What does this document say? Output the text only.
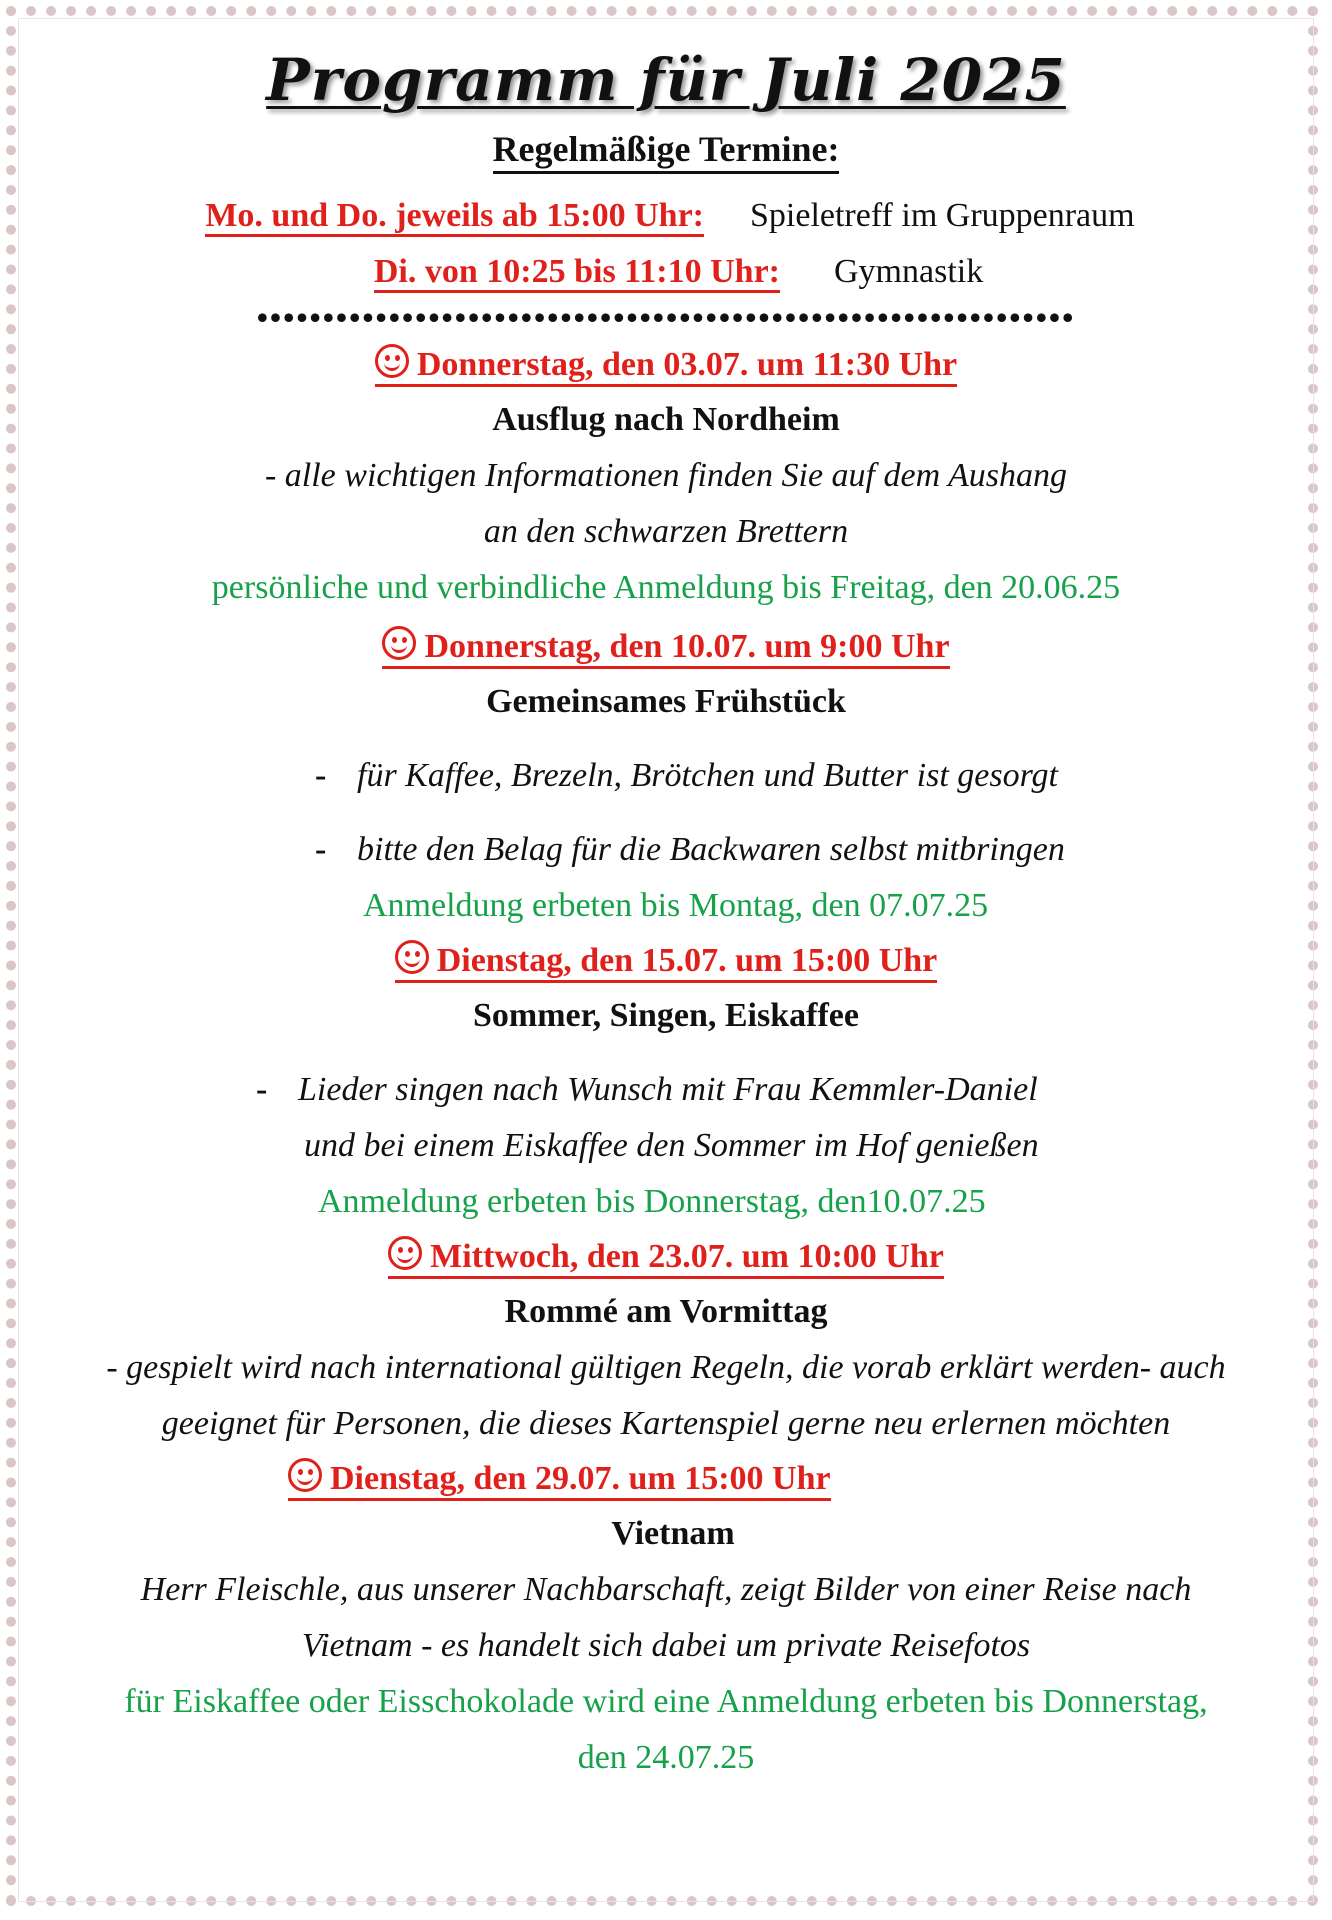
Programm für Juli 2025
Regelmäßige Termine:
Mo. und Do. jeweils ab 15:00 Uhr:	Spieletreff im Gruppenraum
Di. von 10:25 bis 11:10 Uhr:	Gymnastik
••••••••••••••••••••••••••••••••••••••••••••••••••••••••••••••
Donnerstag, den 03.07. um 11:30 Uhr
Ausflug nach Nordheim
- alle wichtigen Informationen finden Sie auf dem Aushang
an den schwarzen Brettern
persönliche und verbindliche Anmeldung bis Freitag, den 20.06.25
Donnerstag, den 10.07. um 9:00 Uhr
Gemeinsames Frühstück
- für Kaffee, Brezeln, Brötchen und Butter ist gesorgt
- bitte den Belag für die Backwaren selbst mitbringen
Anmeldung erbeten bis Montag, den 07.07.25
Dienstag, den 15.07. um 15:00 Uhr
Sommer, Singen, Eiskaffee
- Lieder singen nach Wunsch mit Frau Kemmler-Daniel
und bei einem Eiskaffee den Sommer im Hof genießen
Anmeldung erbeten bis Donnerstag, den10.07.25
Mittwoch, den 23.07. um 10:00 Uhr
Rommé am Vormittag
- gespielt wird nach international gültigen Regeln, die vorab erklärt werden- auch
geeignet für Personen, die dieses Kartenspiel gerne neu erlernen möchten
Dienstag, den 29.07. um 15:00 Uhr
Vietnam
Herr Fleischle, aus unserer Nachbarschaft, zeigt Bilder von einer Reise nach
Vietnam - es handelt sich dabei um private Reisefotos
für Eiskaffee oder Eisschokolade wird eine Anmeldung erbeten bis Donnerstag,
den 24.07.25
